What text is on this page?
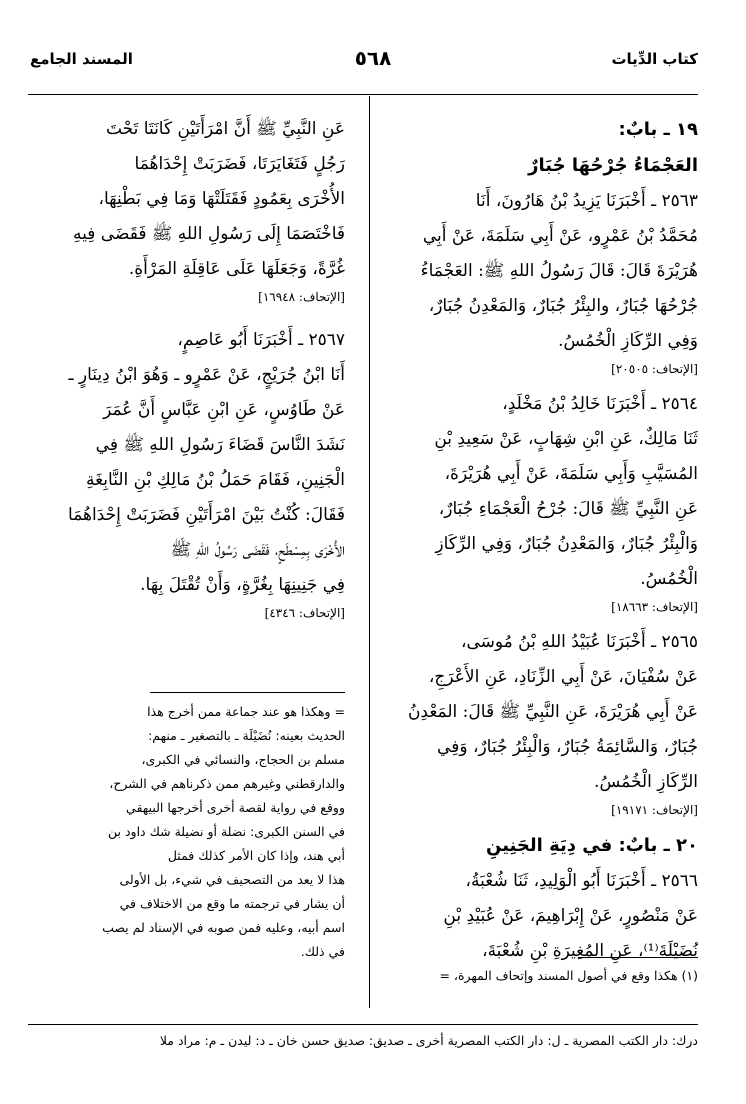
كتاب الدِّيات
٥٦٨
المسند الجامع
١٩ ـ بابٌ:
العَجْمَاءُ جُرْحُهَا جُبَارٌ
٢٥٦٣ ـ أَخْبَرَنَا يَزِيدُ بْنُ هَارُونَ، أَنَا
مُحَمَّدُ بْنُ عَمْرٍو، عَنْ أَبِي سَلَمَةَ، عَنْ أَبِي
هُرَيْرَةَ قَالَ: قَالَ رَسُولُ اللهِ ﷺ: العَجْمَاءُ
جُرْحُهَا جُبَارٌ، والبِئْرُ جُبَارٌ، وَالمَعْدِنُ جُبَارٌ،
وَفِي الرِّكَازِ الْخُمُسُ.
[الإتحاف: ٢٠٥٠٥]
٢٥٦٤ ـ أَخْبَرَنَا خَالِدُ بْنُ مَخْلَدٍ،
ثَنَا مَالِكٌ، عَنِ ابْنِ شِهَابٍ، عَنْ سَعِيدِ بْنِ
المُسَيَّبِ وَأَبِي سَلَمَةَ، عَنْ أَبِي هُرَيْرَةَ،
عَنِ النَّبِيِّ ﷺ قَالَ: جُرْحُ الْعَجْمَاءِ جُبَارٌ،
وَالْبِئْرُ جُبَارٌ، وَالمَعْدِنُ جُبَارٌ، وَفِي الرِّكَازِ
الْخُمُسُ.
[الإتحاف: ١٨٦٦٣]
٢٥٦٥ ـ أَخْبَرَنَا عُبَيْدُ اللهِ بْنُ مُوسَى،
عَنْ سُفْيَانَ، عَنْ أَبِي الزِّنَادِ، عَنِ الأَعْرَجِ،
عَنْ أَبِي هُرَيْرَةَ، عَنِ النَّبِيِّ ﷺ قَالَ: المَعْدِنُ
جُبَارٌ، وَالسَّائِمَةُ جُبَارٌ، وَالْبِئْرُ جُبَارٌ، وَفِي
الرِّكَازِ الْخُمُسُ.
[الإتحاف: ١٩١٧١]
٢٠ ـ بابٌ: في دِيَةِ الجَنِينِ
٢٥٦٦ ـ أَخْبَرَنَا أَبُو الْوَلِيدِ، ثَنَا شُعْبَةُ،
عَنْ مَنْصُورٍ، عَنْ إِبْرَاهِيمَ، عَنْ عُبَيْدِ بْنِ
نُضَيْلَةَ⁽¹⁾، عَنِ المُغِيرَةِ بْنِ شُعْبَةَ،
(١) هكذا وقع في أصول المسند وإتحاف المهرة، =
عَنِ النَّبِيِّ ﷺ أَنَّ امْرَأَتَيْنِ كَانَتَا تَحْتَ
رَجُلٍ فَتَغَايَرَتَا، فَضَرَبَتْ إِحْدَاهُمَا
الأُخْرَى بِعَمُودٍ فَقَتَلَتْهَا وَمَا فِي بَطْنِهَا،
فَاخْتَصَمَا إِلَى رَسُولِ اللهِ ﷺ فَقَضَى فِيهِ
غُرَّةً، وَجَعَلَهَا عَلَى عَاقِلَةِ المَرْأَةِ.
[الإتحاف: ١٦٩٤٨]
٢٥٦٧ ـ أَخْبَرَنَا أَبُو عَاصِمٍ،
أَنَا ابْنُ جُرَيْجٍ، عَنْ عَمْرٍو ـ وَهُوَ ابْنُ دِينَارٍ ـ
عَنْ طَاوُسٍ، عَنِ ابْنِ عَبَّاسٍ أَنَّ عُمَرَ
نَشَدَ النَّاسَ قَضَاءَ رَسُولِ اللهِ ﷺ فِي
الْجَنِينِ، فَقَامَ حَمَلُ بْنُ مَالِكِ بْنِ النَّابِغَةِ
فَقَالَ: كُنْتُ بَيْنَ امْرَأَتَيْنِ فَضَرَبَتْ إِحْدَاهُمَا
الأُخْرَى بِمِسْطَحٍ، فَقَضَى رَسُولُ اللهِ ﷺ
فِي جَنِينِهَا بِغُرَّةٍ، وَأَنْ تُقْتَلَ بِهَا.
[الإتحاف: ٤٣٤٦]
= وهكذا هو عند جماعة ممن أخرج هذا
الحديث بعينه: نُضَيْلَة ـ بالتصغير ـ منهم:
مسلم بن الحجاج، والنسائي في الكبرى،
والدارقطني وغيرهم ممن ذكرناهم في الشرح،
ووقع في رواية لقصة أخرى أخرجها البيهقي
في السنن الكبرى: نضلة أو نضيلة شك داود بن
أبي هند، وإذا كان الأمر كذلك فمثل
هذا لا يعد من التصحيف في شيء، بل الأولى
أن يشار في ترجمته ما وقع من الاختلاف في
اسم أبيه، وعليه فمن صوبه في الإسناد لم يصب
في ذلك.
درك: دار الكتب المصرية ـ ل: دار الكتب المصرية أخرى ـ صديق: صديق حسن خان ـ د: ليدن ـ م: مراد ملا
